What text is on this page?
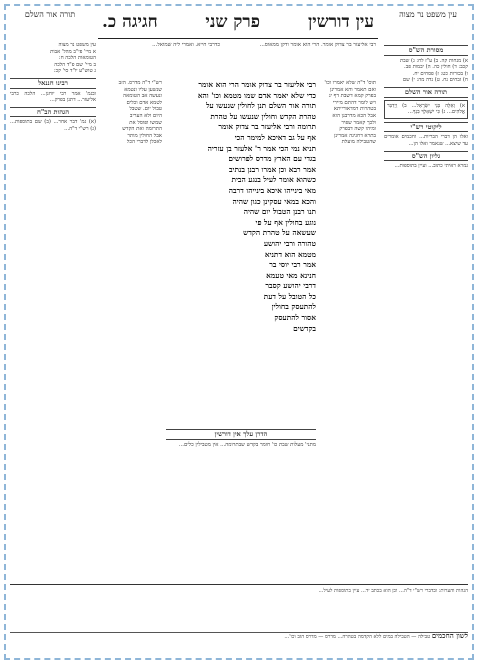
עין משפט נר מצוה
תורה אור השלם	עין דורשין
פרק שני
חגיגה כ.
מסורת הש"ס
א) מנחות קה. ב) ע"ז לח: ג) שבת
קכב: ד) חולין כה. ה) יבמות פב.
ו) בכורות כט: ז) פסחים יח.
ח) זבחים נח. ט) נדה מה: י) שם
תורה אור השלם
א) וְאֵלֶּה בְּנֵי יִשְׂרָאֵל... ב) וַיְדַבֵּר אֱלֹהִים... ג) כִּי יִשְׁאָלְךָ בִנְךָ...
ליקוטי רש"י
ואלו הן דברי הבריות... וחכמים אומרים עד שיצא... שנאמר ואלו הן...
גליון הש"ס
גמרא ראיתי כתוב... ועיין בתוספות...
עין משפט נר מצוה
א מיי' פי"ב מהל' אבות
הטומאות הלכה ח:
ב מיי' שם פ"ד הלכה
ג טוש"ע יו"ד סי' קכ:
רבינו חננאל
ובגמ' אמר רבי יוחנן... הלכה כרבי אליעזר... דתנן בפרק...
הגהות הב"ח
(א) גמ' דבר אחר... (ב) שם בתוספות... (ג) רש"י ד"ה...
רבי אליעזר בר צדוק אומר. הרי הוא אומר ודקן ממאוס...
כדרבי חייא. ואמרי ליה שמואל...
תוס' ד"ה שלא יאמרו וכו'
ואם תאמר והא אמרינן
בפרק קמא דשבת דף יג
ויש לומר דהתם מיירי
בטהרות דמדאורייתא
אבל הכא מדרבנן הוא
ולכך קאמר שפיר
ומיהו קשה דבפרק
בתרא דחגיגה אמרינן
שהטבילה מועלת
רבי אליעזר בר צדוק אומר הרי הוא אומר
כדי שלא יאמר אדם שמו מטמא וכו' והא
תורה אור השלם תנן לחולין שנעשו על
טהרת הקדש וחולין שנעשו על טהרת
תרומה ורבי אליעזר בר צדוק אומר
אף על גב דאיכא למימר הכי
תניא נמי הכי אמר ר' אלעזר בן עזריה
בגדי עם הארץ מדרס לפרושים
אמר רבא וכן אמרו רבנן בנתיב
כשהוא אומר לעיל בנגע הבית
מאי בינייהו איכא בינייהו דרבה
והכא במאי עסקינן כגון שהיה
תנו רבנן הטבול יום שהיה
נוגע בחולין אף על פי
שעשאה על טהרת הקדש
טהורה ורבי יהושע
מטמא הוא דתניא
אמר רבי יוסי בר
חנינא מאי טעמא
דרבי יהושע קסבר
כל הטובל על דעת
להתעסק בחולין
אסור להתעסק
בקדשים
רש"י ד"ה מדרס. הזב
שנשען עליו ונטמא
ונעשה אב הטומאה
לטמא אדם וכלים
טבול יום. שטבל
היום ולא העריב
שמשו ופוסל את
התרומה ואת הקדש
אבל החולין מותר
לאכלן לדברי הכל
הדרן עלך אין דורשין
מתני' מעלות שבת כו' חומר בקדש שבתרומה... אין מטבילין כלים...
הגהות והערות: ובדברי רש"י ד"ה... וכן הוא בכתב יד... עיין בתוספות לעיל...
לשון החכמים טבילה — הטבילה במים ללא הקדמה בטהרה... מדרס — מדרס הזב וכו'...
